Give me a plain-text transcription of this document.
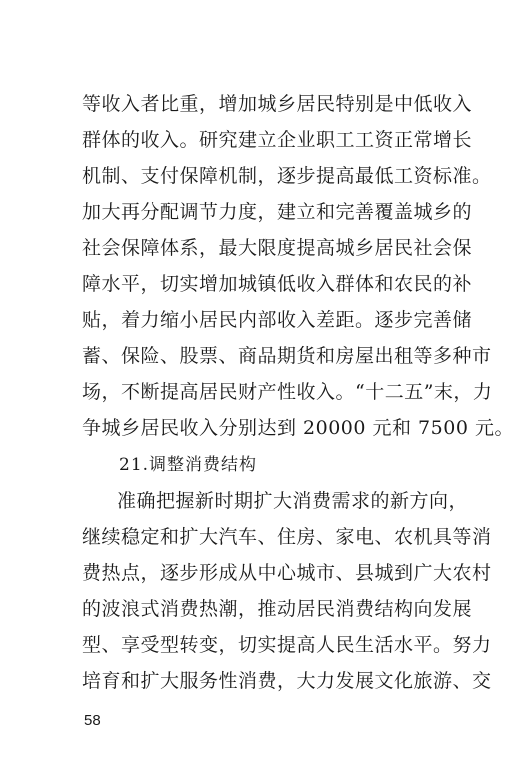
等收入者比重，增加城乡居民特别是中低收入
群体的收入。研究建立企业职工工资正常增长
机制、支付保障机制，逐步提高最低工资标准。
加大再分配调节力度，建立和完善覆盖城乡的
社会保障体系，最大限度提高城乡居民社会保
障水平，切实增加城镇低收入群体和农民的补
贴，着力缩小居民内部收入差距。逐步完善储
蓄、保险、股票、商品期货和房屋出租等多种市
场，不断提高居民财产性收入。“十二五”末，力
争城乡居民收入分别达到 20000 元和 7500 元。
21.调整消费结构
准确把握新时期扩大消费需求的新方向，
继续稳定和扩大汽车、住房、家电、农机具等消
费热点，逐步形成从中心城市、县城到广大农村
的波浪式消费热潮，推动居民消费结构向发展
型、享受型转变，切实提高人民生活水平。努力
培育和扩大服务性消费，大力发展文化旅游、交
58
